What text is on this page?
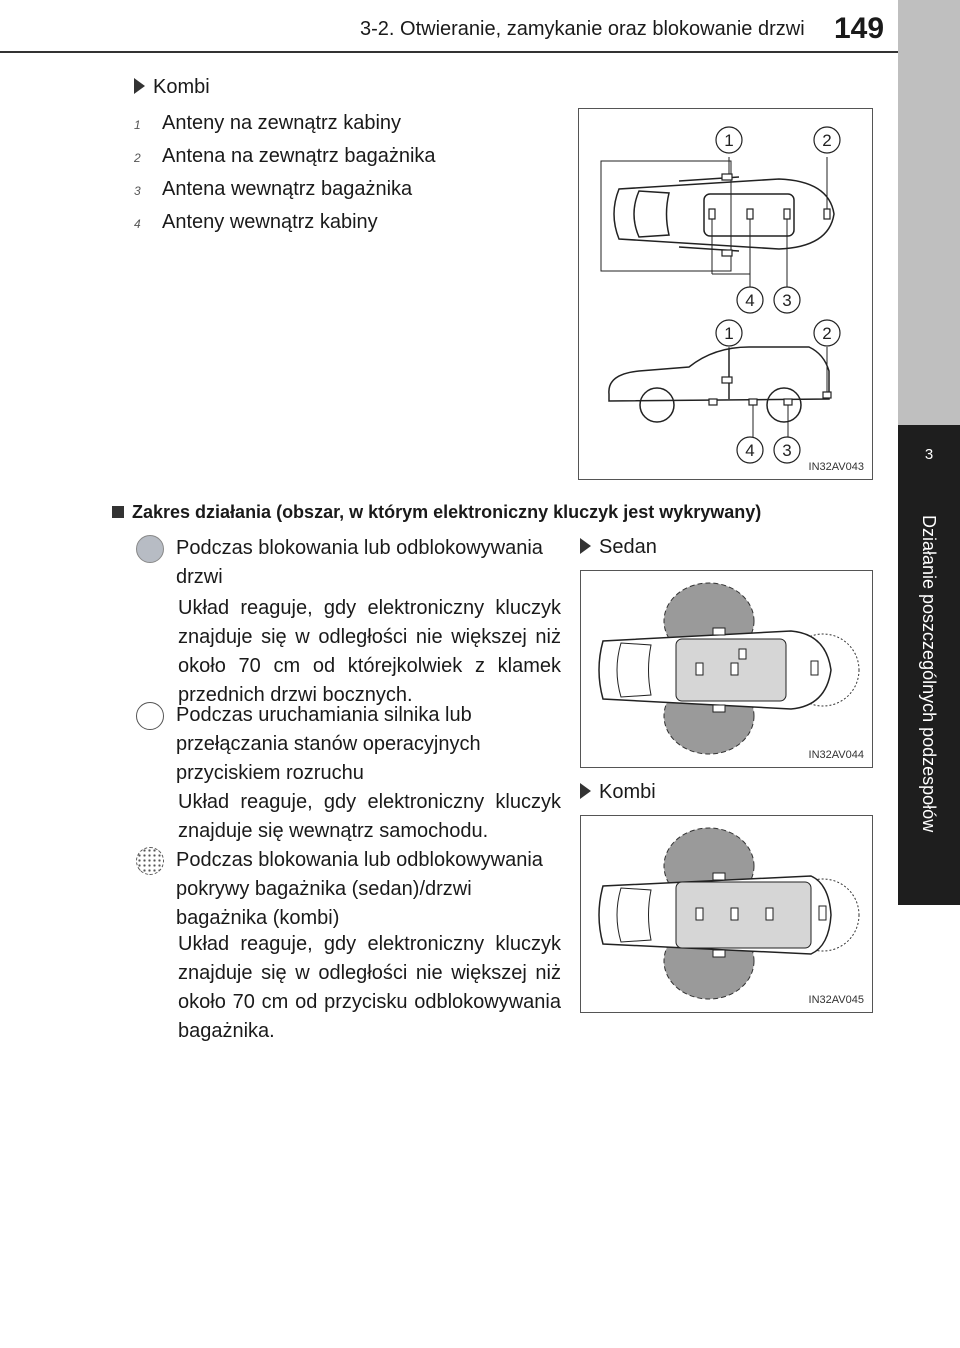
3-2. Otwieranie, zamykanie oraz blokowanie drzwi 149
3
Działanie poszczególnych podzespołów
Kombi
1 Anteny na zewnątrz kabiny
2 Antena na zewnątrz bagażnika
3 Antena wewnątrz bagażnika
4 Anteny wewnątrz kabiny
1	2
4 3
1	2
4 3
IN32AV043
Zakres działania (obszar, w którym elektroniczny kluczyk jest wykrywany)
Podczas blokowania lub odblokowywania drzwi
Układ reaguje, gdy elektroniczny kluczyk znajduje się w odległości nie większej niż około 70 cm od którejkolwiek z klamek przednich drzwi bocznych.
Podczas uruchamiania silnika lub przełączania stanów operacyjnych przyciskiem rozruchu
Układ reaguje, gdy elektroniczny kluczyk znajduje się wewnątrz samochodu.
Podczas blokowania lub odblokowywania pokrywy bagażnika (sedan)/drzwi bagażnika (kombi)
Układ reaguje, gdy elektroniczny kluczyk znajduje się w odległości nie większej niż około 70 cm od przycisku odblokowywania bagażnika.
Sedan
IN32AV044
Kombi
IN32AV045
